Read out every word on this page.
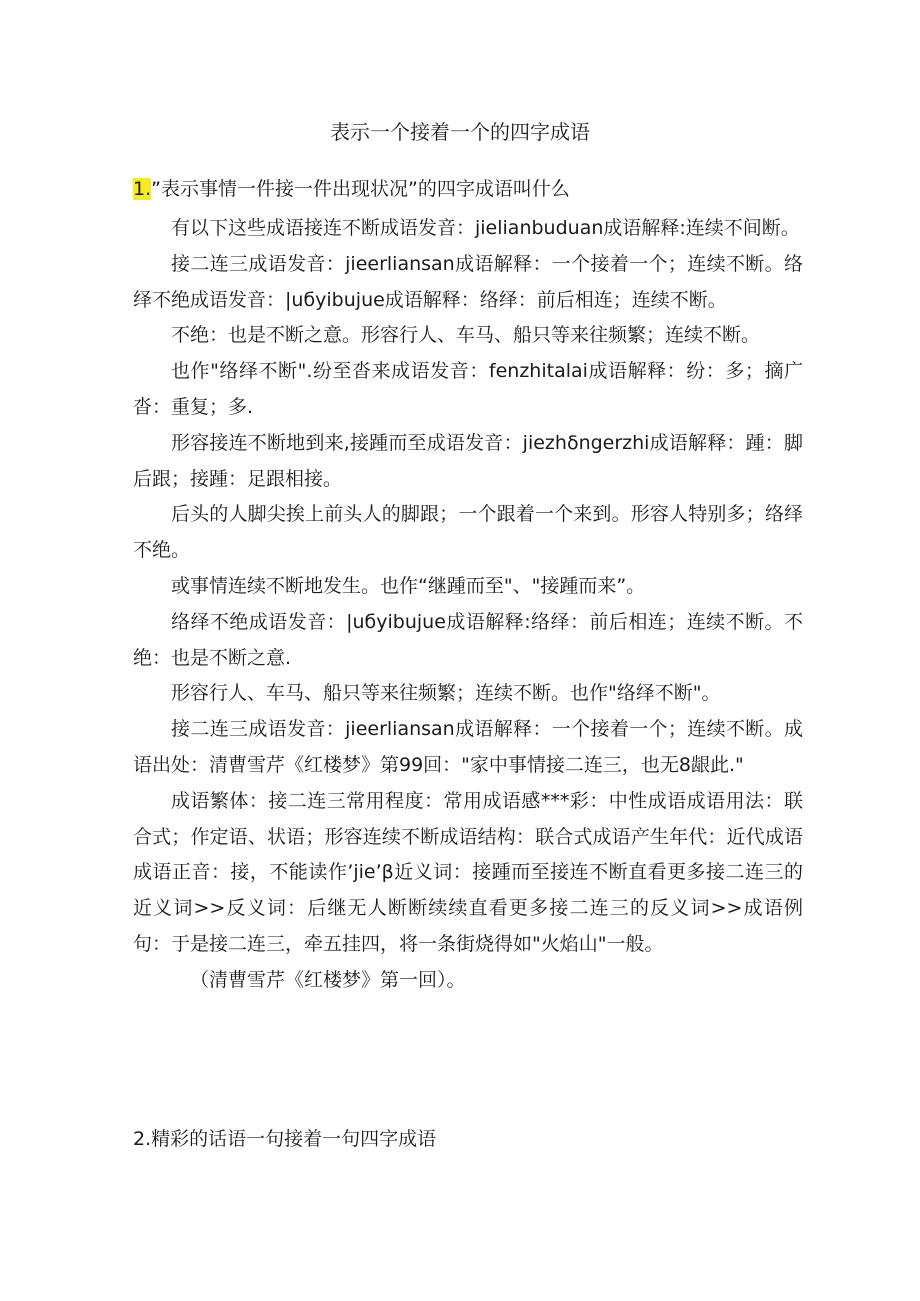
表示一个接着一个的四字成语
1.”表示事情一件接一件出现状况”的四字成语叫什么

有以下这些成语接连不断成语发音：jielianbuduan成语解释:连续不间断。

接二连三成语发音：jieerliansan成语解释：一个接着一个；连续不断。络绎不绝成语发音：|uбyibujue成语解释：络绎：前后相连；连续不断。

不绝：也是不断之意。形容行人、车马、船只等来往频繁；连续不断。

也作"络绎不断".纷至沓来成语发音：fenzhitalai成语解释：纷：多；摘广沓：重复；多.

形容接连不断地到来,接踵而至成语发音：jiezhδngerzhi成语解释：踵：脚后跟；接踵：足跟相接。

后头的人脚尖挨上前头人的脚跟；一个跟着一个来到。形容人特别多；络绎不绝。

或事情连续不断地发生。也作“继踵而至"、"接踵而来”。

络绎不绝成语发音：|uбyibujue成语解释:络绎：前后相连；连续不断。不绝：也是不断之意.

形容行人、车马、船只等来往频繁；连续不断。也作"络绎不断"。

接二连三成语发音：jieerliansan成语解释：一个接着一个；连续不断。成语出处：清曹雪芹《红楼梦》第99回："家中事情接二连三，也无8龈此."

成语繁体：接二连三常用程度：常用成语感***彩：中性成语成语用法：联合式；作定语、状语；形容连续不断成语结构：联合式成语产生年代：近代成语成语正音：接，不能读作’jie’β近义词：接踵而至接连不断直看更多接二连三的近义词>>反义词：后继无人断断续续直看更多接二连三的反义词>>成语例句：于是接二连三，牵五挂四，将一条街烧得如"火焰山"一般。

（清曹雪芹《红楼梦》第一回）。

2.精彩的话语一句接着一句四字成语
